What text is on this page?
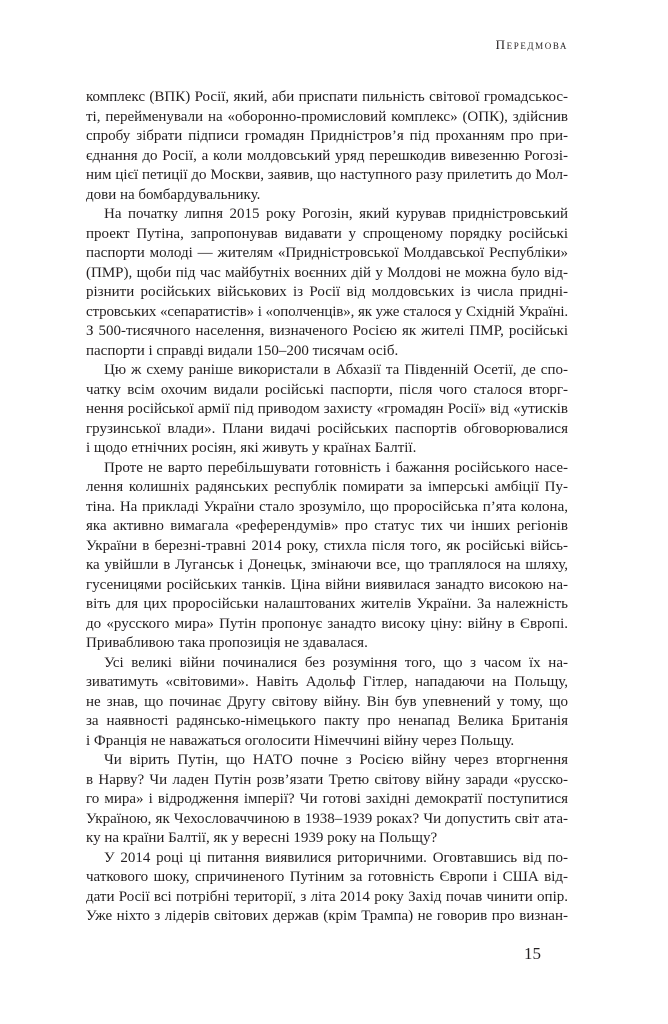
Передмова
комплекс (ВПК) Росії, який, аби приспати пильність світової громадськос-
ті, перейменували на «оборонно-промисловий комплекс» (ОПК), здійснив
спробу зібрати підписи громадян Придністров’я під проханням про при-
єднання до Росії, а коли молдовський уряд перешкодив вивезенню Рогозі-
ним цієї петиції до Москви, заявив, що наступного разу прилетить до Мол-
дови на бомбардувальнику.
На початку липня 2015 року Рогозін, який курував придністровський
проект Путіна, запропонував видавати у спрощеному порядку російські
паспорти молоді — жителям «Придністровської Молдавської Республіки»
(ПМР), щоби під час майбутніх воєнних дій у Молдові не можна було від-
різнити російських військових із Росії від молдовських із числа придні-
стровських «сепаратистів» і «ополченців», як уже сталося у Східній Україні.
З 500-тисячного населення, визначеного Росією як жителі ПМР, російські
паспорти і справді видали 150–200 тисячам осіб.
Цю ж схему раніше використали в Абхазії та Південній Осетії, де спо-
чатку всім охочим видали російські паспорти, після чого сталося вторг-
нення російської армії під приводом захисту «громадян Росії» від «утисків
грузинської влади». Плани видачі російських паспортів обговорювалися
і щодо етнічних росіян, які живуть у країнах Балтії.
Проте не варто перебільшувати готовність і бажання російського насе-
лення колишніх радянських республік помирати за імперські амбіції Пу-
тіна. На прикладі України стало зрозуміло, що проросійська п’ята колона,
яка активно вимагала «референдумів» про статус тих чи інших регіонів
України в березні-травні 2014 року, стихла після того, як російські війсь-
ка увійшли в Луганськ і Донецьк, змінаючи все, що траплялося на шляху,
гусеницями російських танків. Ціна війни виявилася занадто високою на-
віть для цих проросійськи налаштованих жителів України. За належність
до «русского мира» Путін пропонує занадто високу ціну: війну в Європі.
Привабливою така пропозиція не здавалася.
Усі великі війни починалися без розуміння того, що з часом їх на-
зиватимуть «світовими». Навіть Адольф Гітлер, нападаючи на Польщу,
не знав, що починає Другу світову війну. Він був упевнений у тому, що
за наявності радянсько-німецького пакту про ненапад Велика Британія
і Франція не наважаться оголосити Німеччині війну через Польщу.
Чи вірить Путін, що НАТО почне з Росією війну через вторгнення
в Нарву? Чи ладен Путін розв’язати Третю світову війну заради «русско-
го мира» і відродження імперії? Чи готові західні демократії поступитися
Україною, як Чехословаччиною в 1938–1939 роках? Чи допустить світ ата-
ку на країни Балтії, як у вересні 1939 року на Польщу?
У 2014 році ці питання виявилися риторичними. Оговтавшись від по-
чаткового шоку, спричиненого Путіним за готовність Європи і США від-
дати Росії всі потрібні території, з літа 2014 року Захід почав чинити опір.
Уже ніхто з лідерів світових держав (крім Трампа) не говорив про визнан-
15
